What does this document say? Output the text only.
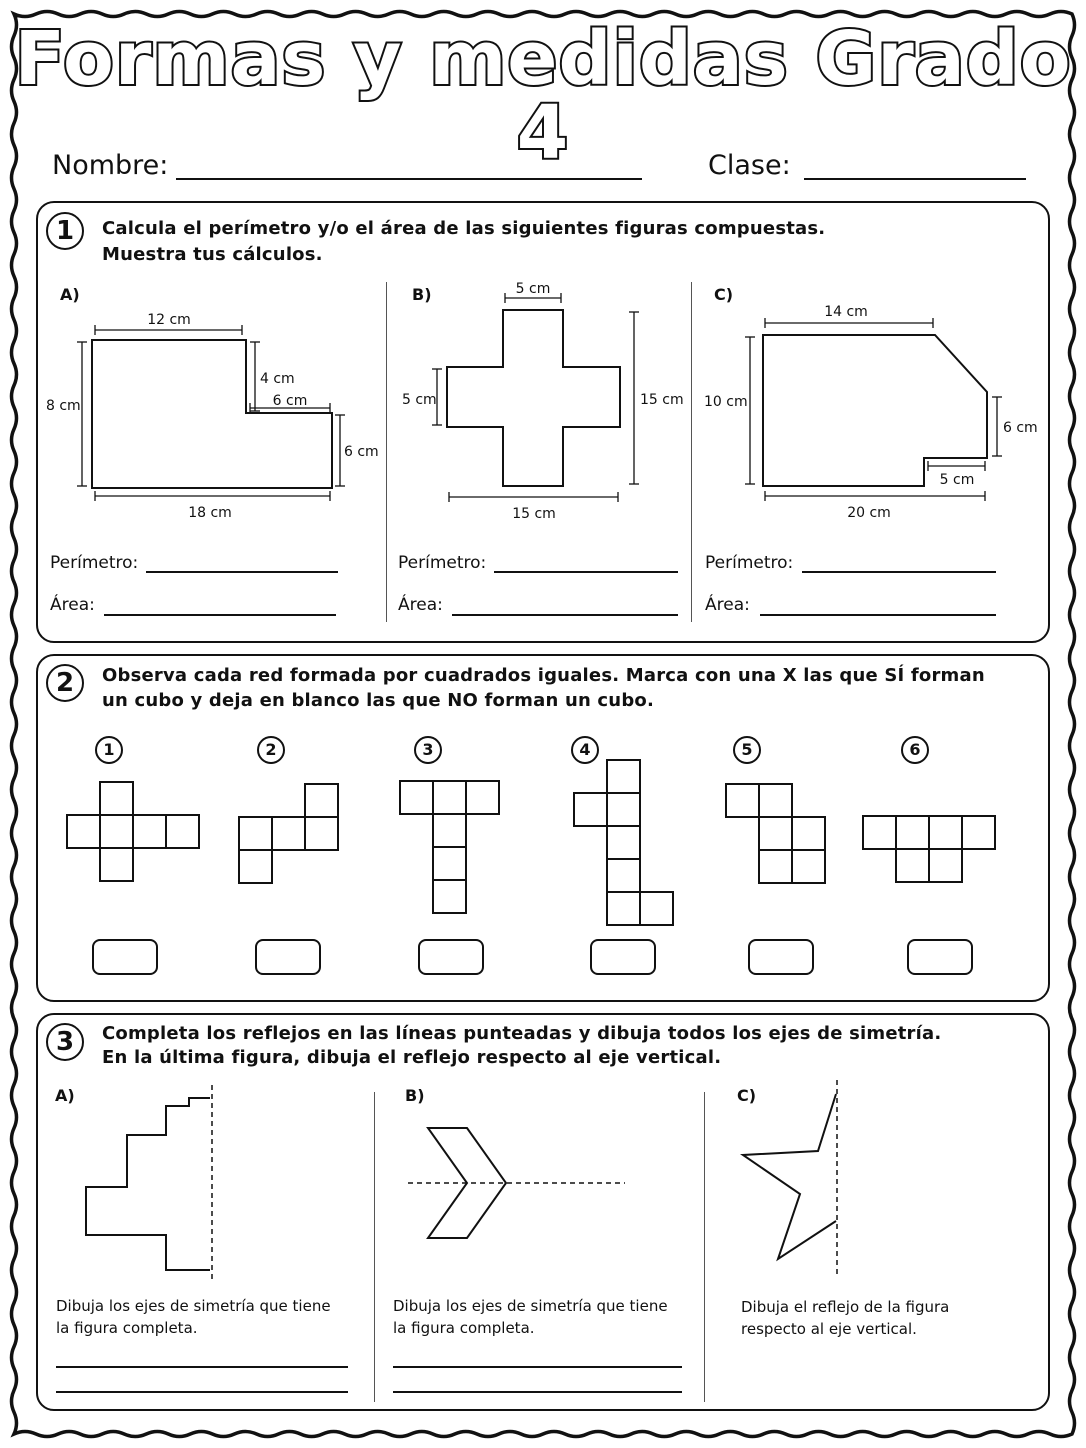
Formas y medidas Grado 4
Nombre:	Clase:
1	Calcula el perímetro y/o el área de las siguientes figuras compuestas.
Muestra tus cálculos.
A)	B)	C)
12 cm
8 cm
4 cm
6 cm
6 cm
18 cm
5 cm
5 cm	15 cm
15 cm
14 cm
10 cm
6 cm
5 cm
20 cm
Perímetro:
Área:
Perímetro:
Área:
Perímetro:
Área:
2	Observa cada red formada por cuadrados iguales. Marca con una X las que SÍ forman
un cubo y deja en blanco las que NO forman un cubo.
1	2	3	4	5	6
3	Completa los reflejos en las líneas punteadas y dibuja todos los ejes de simetría.
En la última figura, dibuja el reflejo respecto al eje vertical.
A)	B)	C)
Dibuja los ejes de simetría que tiene
la figura completa.
Dibuja los ejes de simetría que tiene
la figura completa.
Dibuja el reflejo de la figura
respecto al eje vertical.
